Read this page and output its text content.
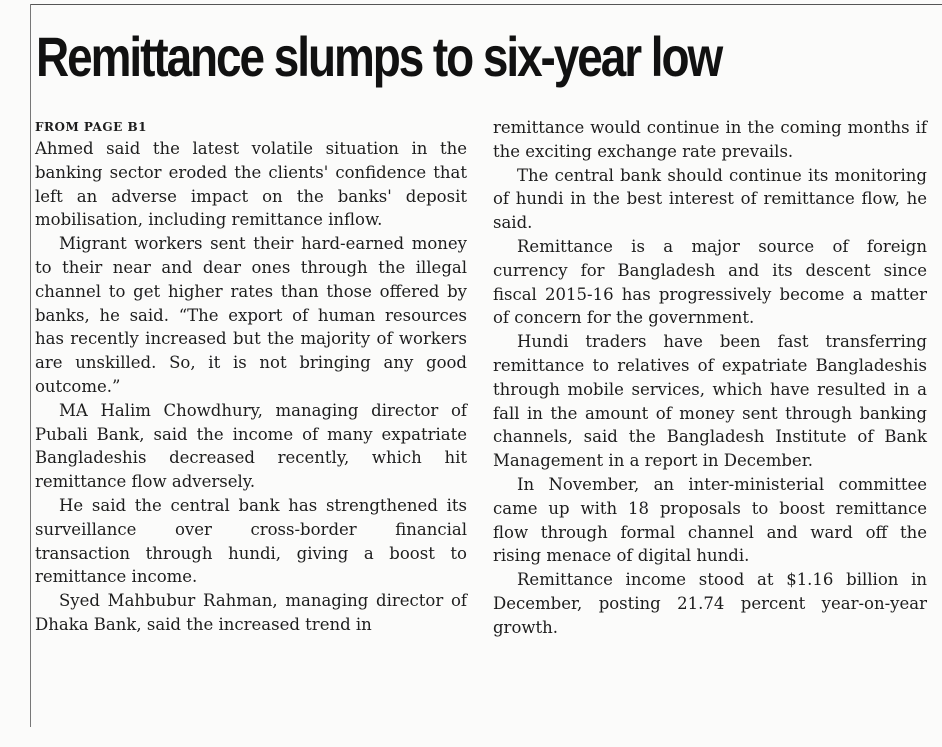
Remittance slumps to six-year low
FROM PAGE B1

Ahmed said the latest volatile situation in the banking sector eroded the clients' confidence that left an adverse impact on the banks' deposit mobilisation, including remittance inflow.

Migrant workers sent their hard-earned money to their near and dear ones through the illegal channel to get higher rates than those offered by banks, he said. “The export of human resources has recently increased but the majority of workers are unskilled. So, it is not bringing any good outcome.”

MA Halim Chowdhury, managing director of Pubali Bank, said the income of many expatriate Bangladeshis decreased recently, which hit remittance flow adversely.

He said the central bank has strengthened its surveillance over cross-border financial transaction through hundi, giving a boost to remittance income.

Syed Mahbubur Rahman, managing director of Dhaka Bank, said the increased trend in

remittance would continue in the coming months if the exciting exchange rate prevails.

The central bank should continue its monitoring of hundi in the best interest of remittance flow, he said.

Remittance is a major source of foreign currency for Bangladesh and its descent since fiscal 2015-16 has progressively become a matter of concern for the government.

Hundi traders have been fast transferring remittance to relatives of expatriate Bangladeshis through mobile services, which have resulted in a fall in the amount of money sent through banking channels, said the Bangladesh Institute of Bank Management in a report in December.

In November, an inter-ministerial committee came up with 18 proposals to boost remittance flow through formal channel and ward off the rising menace of digital hundi.

Remittance income stood at $1.16 billion in December, posting 21.74 percent year-on-year growth.
